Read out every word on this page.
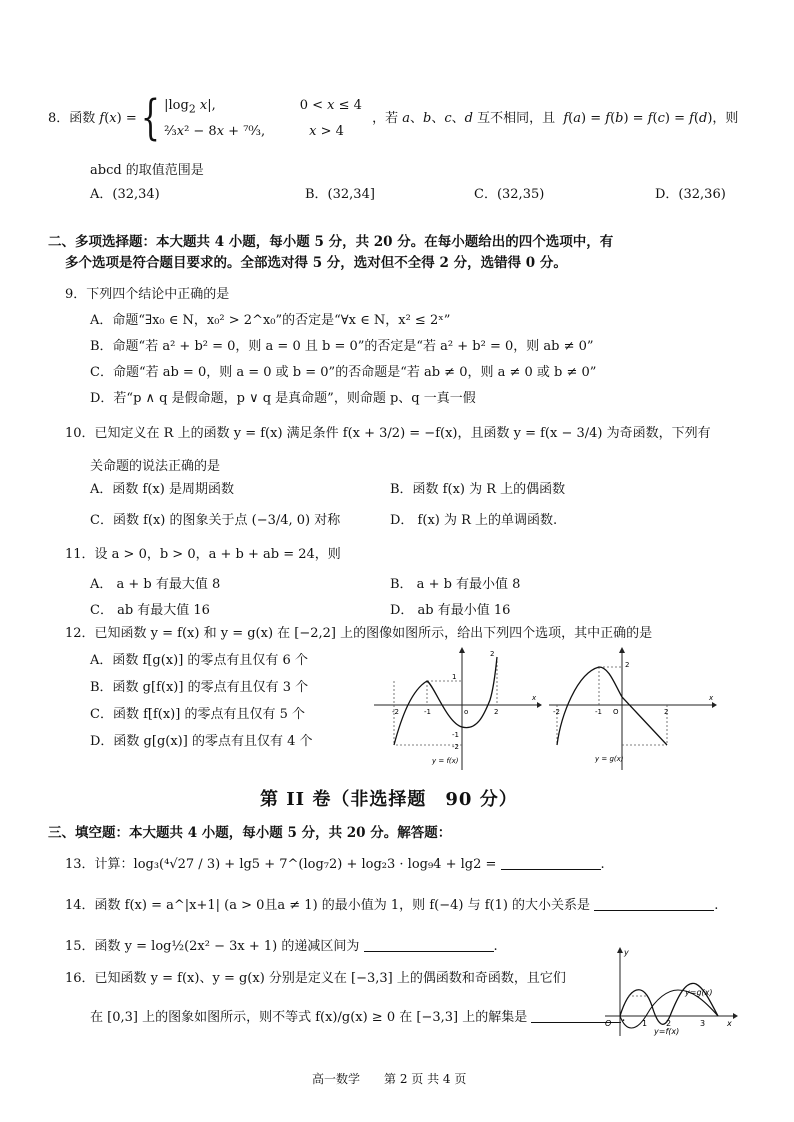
8．函数 f(x) = { $|\log_2$ x|,	0 < x ≤ 4
²⁄₃x² − 8x + ⁷⁰⁄₃,	x > 4 ，若 a、b、c、d 互不相同，且  f(a) = f(b) = f(c) = f(d)，则
abcd 的取值范围是
A．(32,34)	B．(32,34]	C．(32,35)	D．(32,36)
二、多项选择题：本大题共 4 小题，每小题 5 分，共 20 分。在每小题给出的四个选项中，有
多个选项是符合题目要求的。全部选对得 5 分，选对但不全得 2 分，选错得 0 分。
9．下列四个结论中正确的是
A．命题“∃x₀ ∈ N，x₀² > 2^x₀”的否定是“∀x ∈ N，x² ≤ 2ˣ”
B．命题“若 a² + b² = 0，则 a = 0 且 b = 0”的否定是“若 a² + b² = 0，则 ab ≠ 0”
C．命题“若 ab = 0，则 a = 0 或 b = 0”的否命题是“若 ab ≠ 0，则 a ≠ 0 或 b ≠ 0”
D．若“p ∧ q 是假命题，p ∨ q 是真命题”，则命题 p、q 一真一假
10．已知定义在 R 上的函数 y = f(x) 满足条件 f(x + 3/2) = −f(x)，且函数 y = f(x − 3/4) 为奇函数，下列有
关命题的说法正确的是
A．函数 f(x) 是周期函数	B．函数 f(x) 为 R 上的偶函数
C．函数 f(x) 的图象关于点 (−3/4, 0) 对称	D． f(x) 为 R 上的单调函数.
11．设 a > 0，b > 0，a + b + ab = 24，则
A． a + b 有最大值 8	B． a + b 有最小值 8
C． ab 有最大值 16	D． ab 有最小值 16
12．已知函数 y = f(x) 和 y = g(x) 在 [−2,2] 上的图像如图所示，给出下列四个选项，其中正确的是
A．函数 f[g(x)] 的零点有且仅有 6 个
B．函数 g[f(x)] 的零点有且仅有 3 个
C．函数 f[f(x)] 的零点有且仅有 5 个
D．函数 g[g(x)] 的零点有且仅有 4 个
2
1
-2	-1	o	2
-1
-2
x
y = f(x)
2
-2	-1 O	2
x
y = g(x)
第 II 卷（非选择题　90 分）
三、填空题：本大题共 4 小题，每小题 5 分，共 20 分。解答题：
13．计算：log₃(⁴√27 / 3) + lg5 + 7^(log₇2) + log₂3 · log₉4 + lg2 =	.
14．函数 f(x) = a^|x+1| (a > 0且a ≠ 1) 的最小值为 1，则 f(−4) 与 f(1) 的大小关系是	.
15．函数 y = log½(2x² − 3x + 1) 的递减区间为	.
16．已知函数 y = f(x)、y = g(x) 分别是定义在 [−3,3] 上的偶函数和奇函数，且它们
在 [0,3] 上的图象如图所示，则不等式 f(x)/g(x) ≥ 0 在 [−3,3] 上的解集是	.
O	1 2	3	x
y
y=g(x)
y=f(x)
高一数学　　第 2 页 共 4 页
